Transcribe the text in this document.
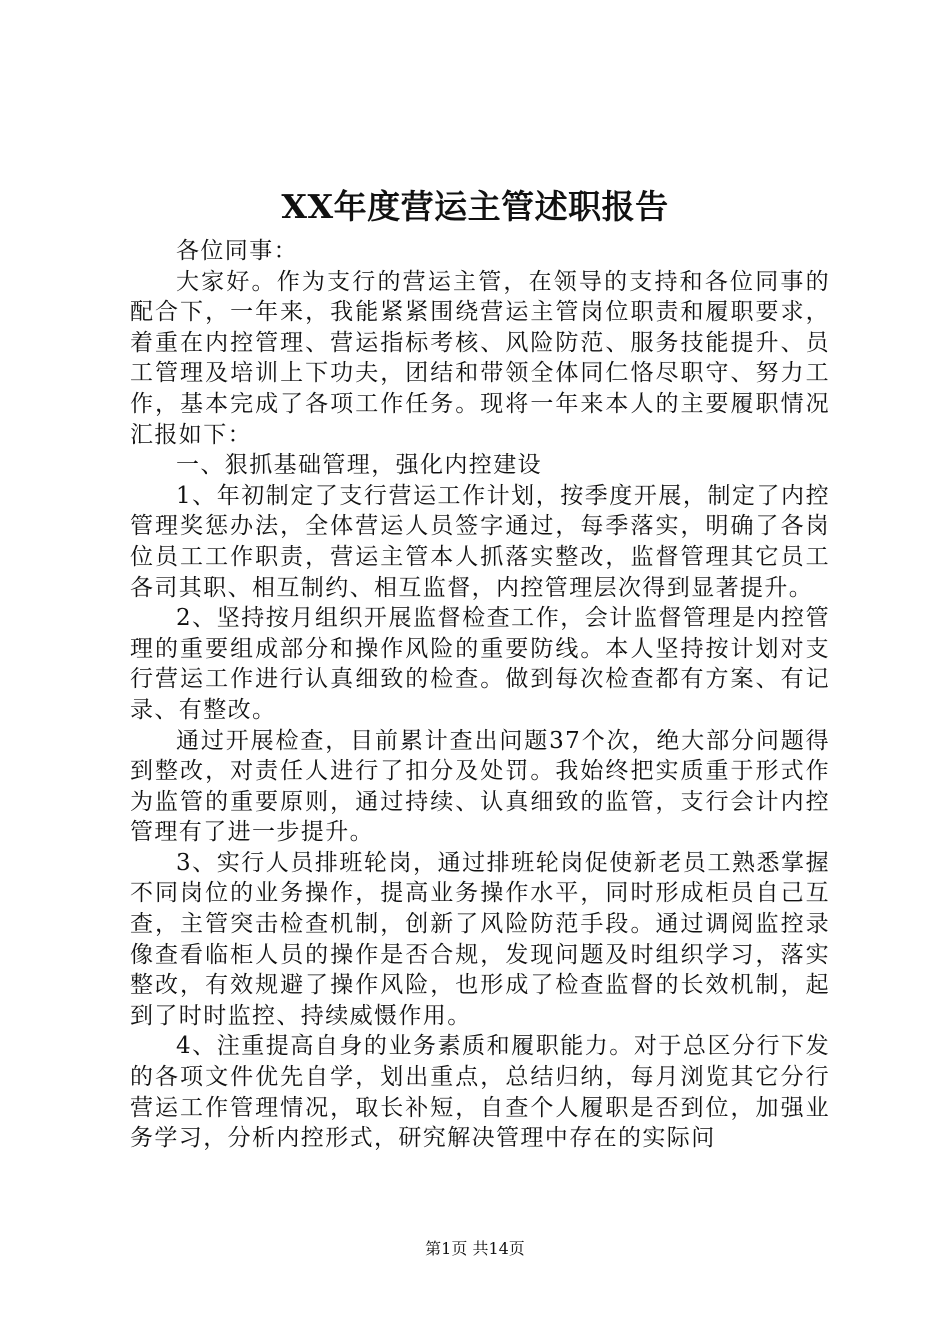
XX年度营运主管述职报告

各位同事：

大家好。作为支行的营运主管，在领导的支持和各位同事的配合下，一年来，我能紧紧围绕营运主管岗位职责和履职要求，着重在内控管理、营运指标考核、风险防范、服务技能提升、员工管理及培训上下功夫，团结和带领全体同仁恪尽职守、努力工作，基本完成了各项工作任务。现将一年来本人的主要履职情况汇报如下：

一、狠抓基础管理，强化内控建设

1、年初制定了支行营运工作计划，按季度开展，制定了内控管理奖惩办法，全体营运人员签字通过，每季落实，明确了各岗位员工工作职责，营运主管本人抓落实整改，监督管理其它员工各司其职、相互制约、相互监督，内控管理层次得到显著提升。

2、坚持按月组织开展监督检查工作，会计监督管理是内控管理的重要组成部分和操作风险的重要防线。本人坚持按计划对支行营运工作进行认真细致的检查。做到每次检查都有方案、有记录、有整改。

通过开展检查，目前累计查出问题37个次，绝大部分问题得到整改，对责任人进行了扣分及处罚。我始终把实质重于形式作为监管的重要原则，通过持续、认真细致的监管，支行会计内控管理有了进一步提升。

3、实行人员排班轮岗，通过排班轮岗促使新老员工熟悉掌握不同岗位的业务操作，提高业务操作水平，同时形成柜员自己互查，主管突击检查机制，创新了风险防范手段。通过调阅监控录像查看临柜人员的操作是否合规，发现问题及时组织学习，落实整改，有效规避了操作风险，也形成了检查监督的长效机制，起到了时时监控、持续威慑作用。

4、注重提高自身的业务素质和履职能力。对于总区分行下发的各项文件优先自学，划出重点，总结归纳，每月浏览其它分行营运工作管理情况，取长补短，自查个人履职是否到位，加强业务学习，分析内控形式，研究解决管理中存在的实际问

第1页 共14页
